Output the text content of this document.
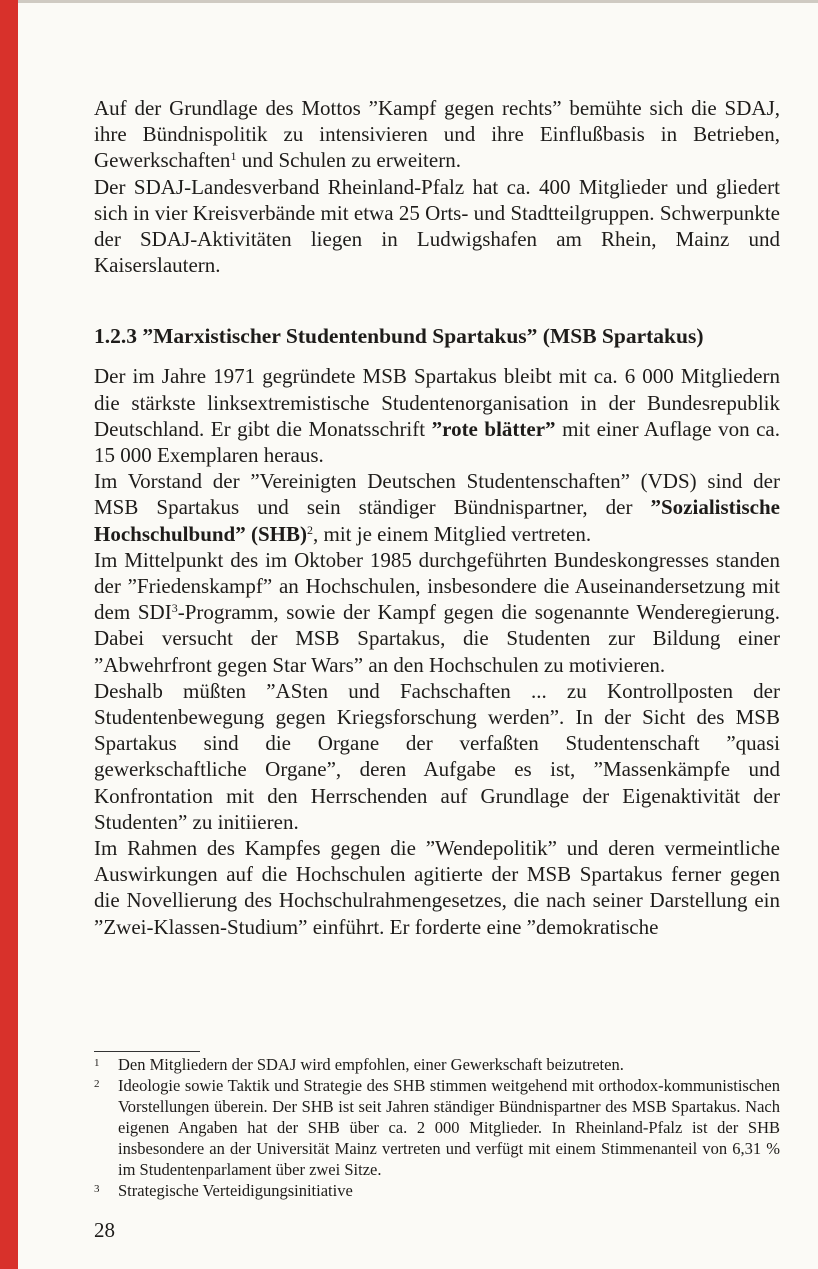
Auf der Grundlage des Mottos ”Kampf gegen rechts” bemühte sich die SDAJ, ihre Bündnispolitik zu intensivieren und ihre Einflußbasis in Betrieben, Gewerkschaften$^1$ und Schulen zu erweitern.

Der SDAJ-Landesverband Rheinland-Pfalz hat ca. 400 Mitglieder und gliedert sich in vier Kreisverbände mit etwa 25 Orts- und Stadtteilgruppen. Schwerpunkte der SDAJ-Aktivitäten liegen in Ludwigshafen am Rhein, Mainz und Kaiserslautern.

1.2.3 ”Marxistischer Studentenbund Spartakus” (MSB Spartakus)

Der im Jahre 1971 gegründete MSB Spartakus bleibt mit ca. 6 000 Mitgliedern die stärkste linksextremistische Studentenorganisation in der Bundesrepublik Deutschland. Er gibt die Monatsschrift ”rote blätter” mit einer Auflage von ca. 15 000 Exemplaren heraus.

Im Vorstand der ”Vereinigten Deutschen Studentenschaften” (VDS) sind der MSB Spartakus und sein ständiger Bündnispartner, der ”Sozialistische Hochschulbund” (SHB)$^2$, mit je einem Mitglied vertreten.

Im Mittelpunkt des im Oktober 1985 durchgeführten Bundeskongresses standen der ”Friedenskampf” an Hochschulen, insbesondere die Auseinandersetzung mit dem SDI$^3$-Programm, sowie der Kampf gegen die sogenannte Wenderegierung. Dabei versucht der MSB Spartakus, die Studenten zur Bildung einer ”Abwehrfront gegen Star Wars” an den Hochschulen zu motivieren.

Deshalb müßten ”ASten und Fachschaften ... zu Kontrollposten der Studentenbewegung gegen Kriegsforschung werden”. In der Sicht des MSB Spartakus sind die Organe der verfaßten Studentenschaft ”quasi gewerkschaftliche Organe”, deren Aufgabe es ist, ”Massenkämpfe und Konfrontation mit den Herrschenden auf Grundlage der Eigenaktivität der Studenten” zu initiieren.

Im Rahmen des Kampfes gegen die ”Wendepolitik” und deren vermeintliche Auswirkungen auf die Hochschulen agitierte der MSB Spartakus ferner gegen die Novellierung des Hochschulrahmengesetzes, die nach seiner Darstellung ein ”Zwei-Klassen-Studium” einführt. Er forderte eine ”demokratische

1	Den Mitgliedern der SDAJ wird empfohlen, einer Gewerkschaft beizutreten.
2	Ideologie sowie Taktik und Strategie des SHB stimmen weitgehend mit orthodox-kommunistischen Vorstellungen überein. Der SHB ist seit Jahren ständiger Bündnispartner des MSB Spartakus. Nach eigenen Angaben hat der SHB über ca. 2 000 Mitglieder. In Rheinland-Pfalz ist der SHB insbesondere an der Universität Mainz vertreten und verfügt mit einem Stimmenanteil von 6,31 % im Studentenparlament über zwei Sitze.
3	Strategische Verteidigungsinitiative
28
